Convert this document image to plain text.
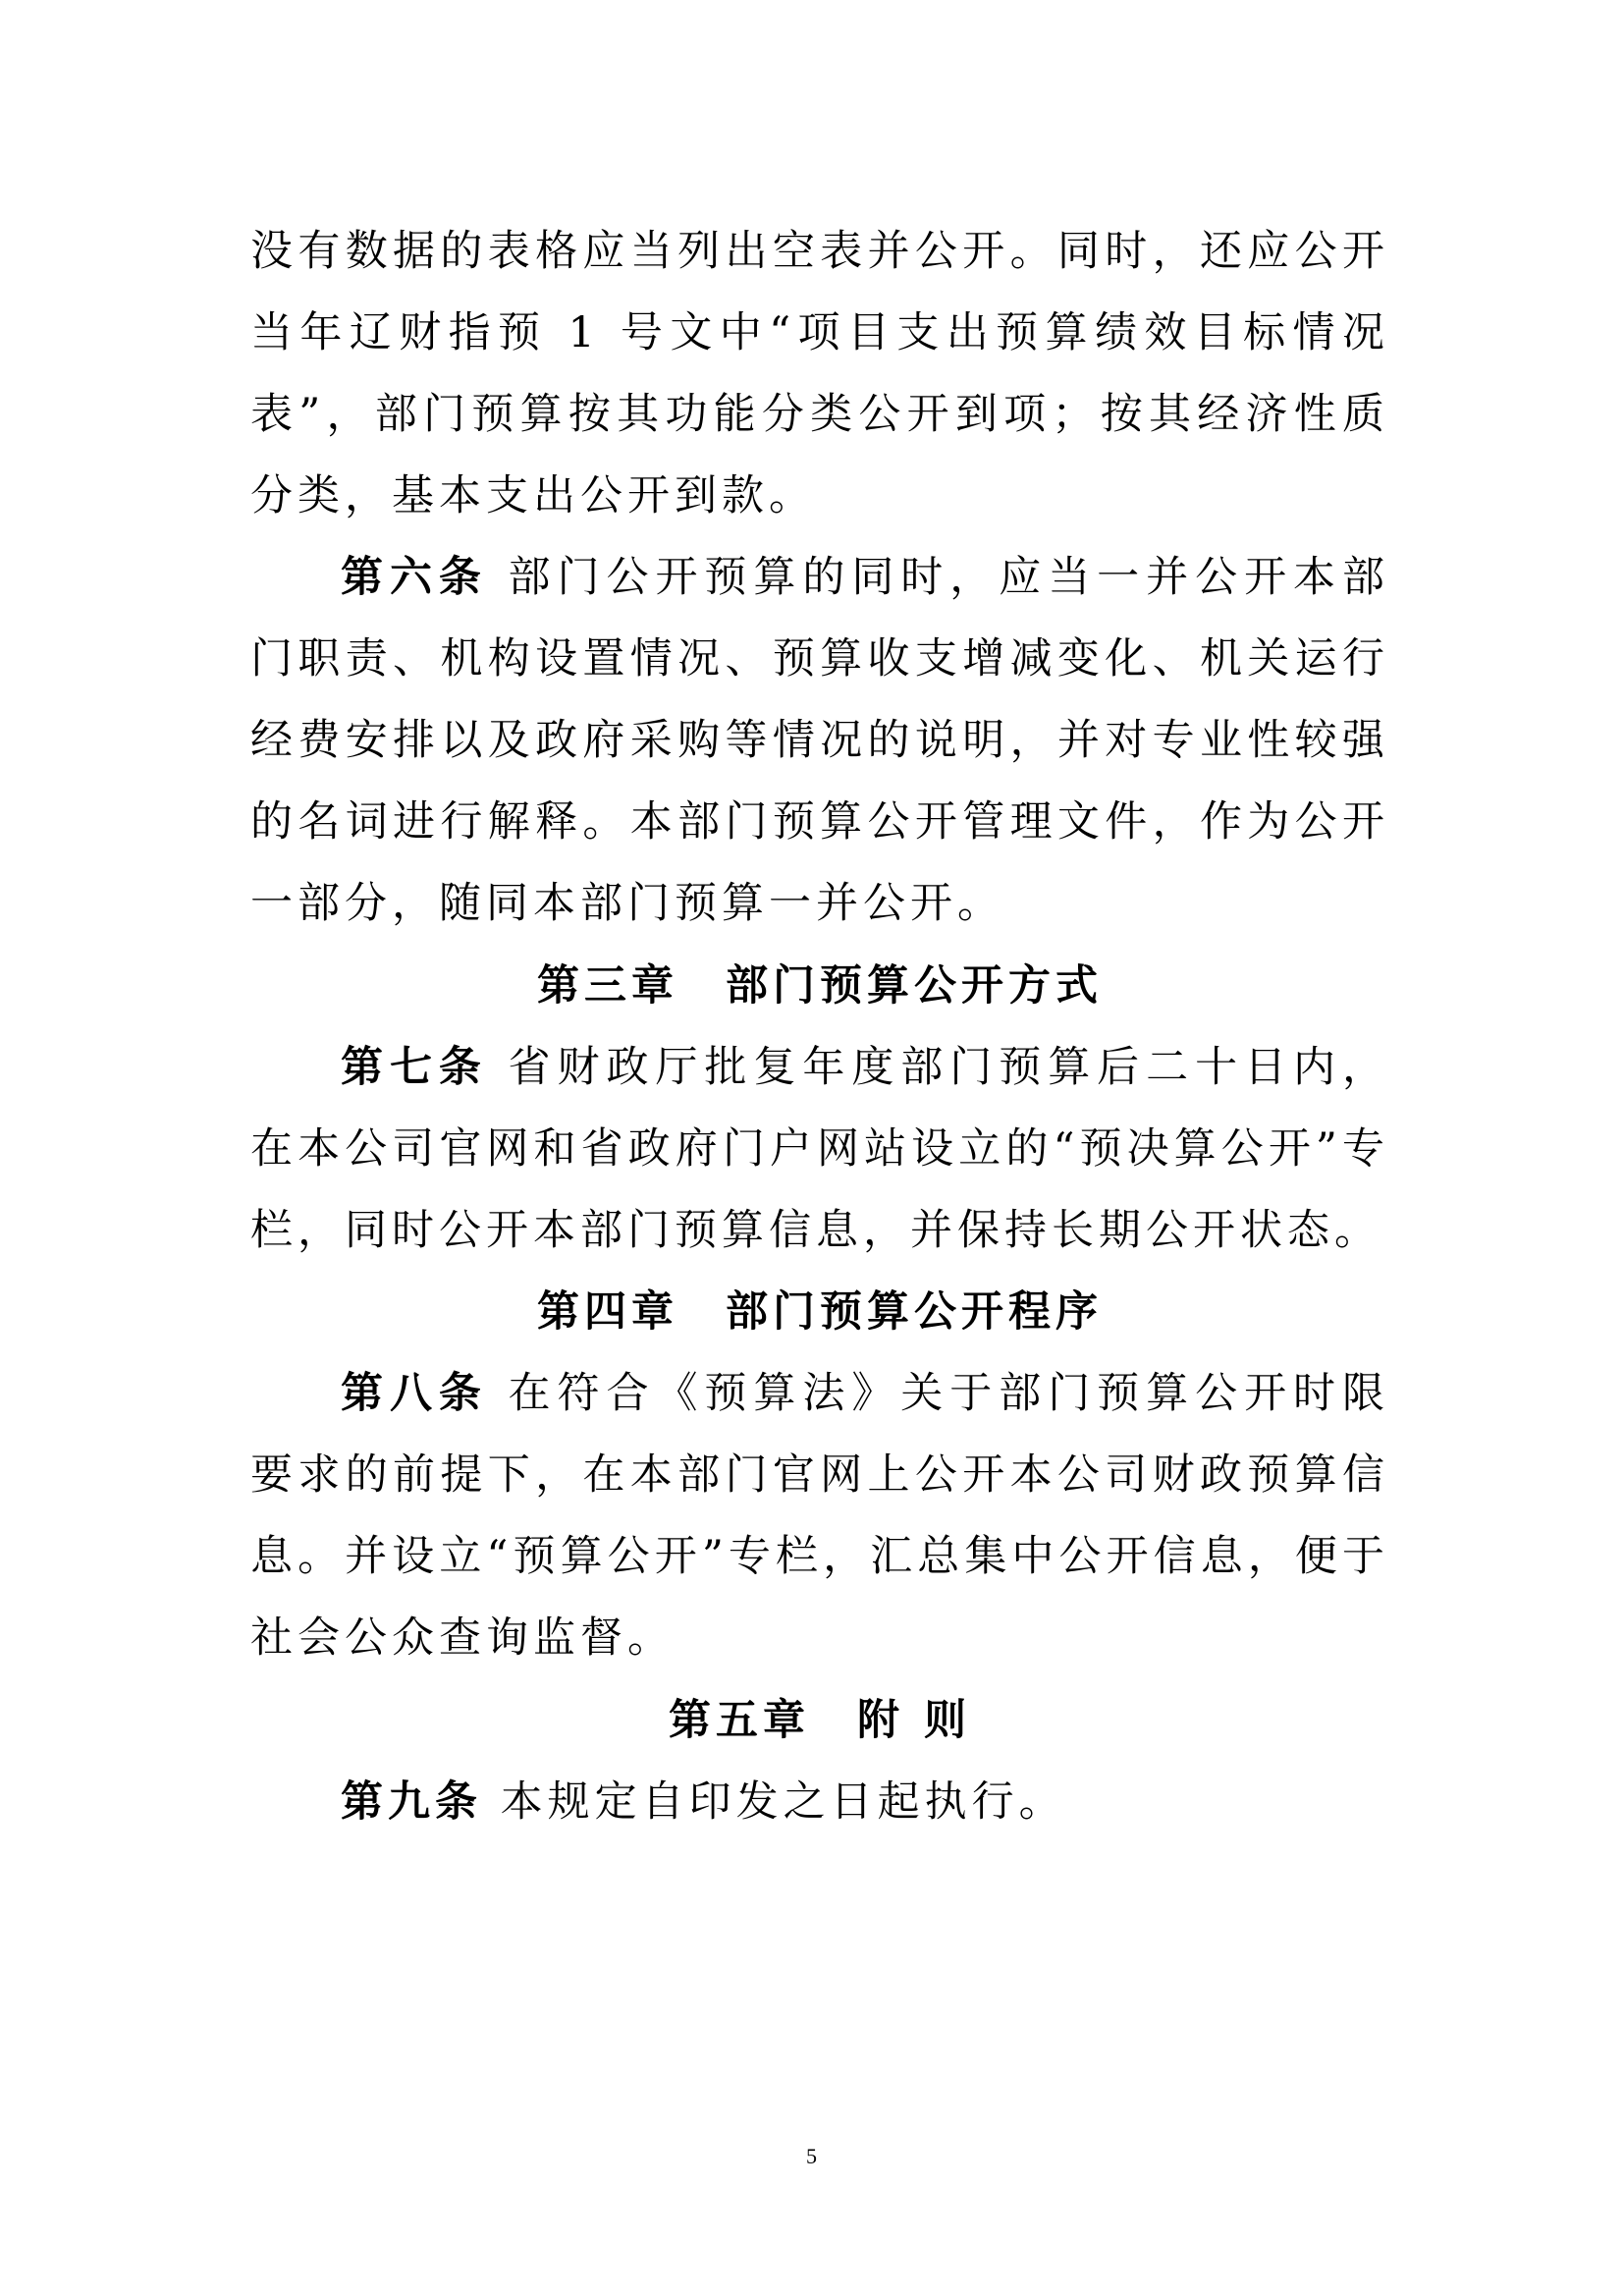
没有数据的表格应当列出空表并公开。同时，还应公开当年辽财指预 1 号文中“项目支出预算绩效目标情况表”，部门预算按其功能分类公开到项；按其经济性质分类，基本支出公开到款。

第六条 部门公开预算的同时，应当一并公开本部门职责、机构设置情况、预算收支增减变化、机关运行经费安排以及政府采购等情况的说明，并对专业性较强的名词进行解释。本部门预算公开管理文件，作为公开一部分，随同本部门预算一并公开。

第三章 部门预算公开方式

第七条 省财政厅批复年度部门预算后二十日内，在本公司官网和省政府门户网站设立的“预决算公开”专栏，同时公开本部门预算信息，并保持长期公开状态。

第四章 部门预算公开程序

第八条 在符合《预算法》关于部门预算公开时限要求的前提下，在本部门官网上公开本公司财政预算信息。并设立“预算公开”专栏，汇总集中公开信息，便于社会公众查询监督。

第五章 附 则

第九条 本规定自印发之日起执行。

5
